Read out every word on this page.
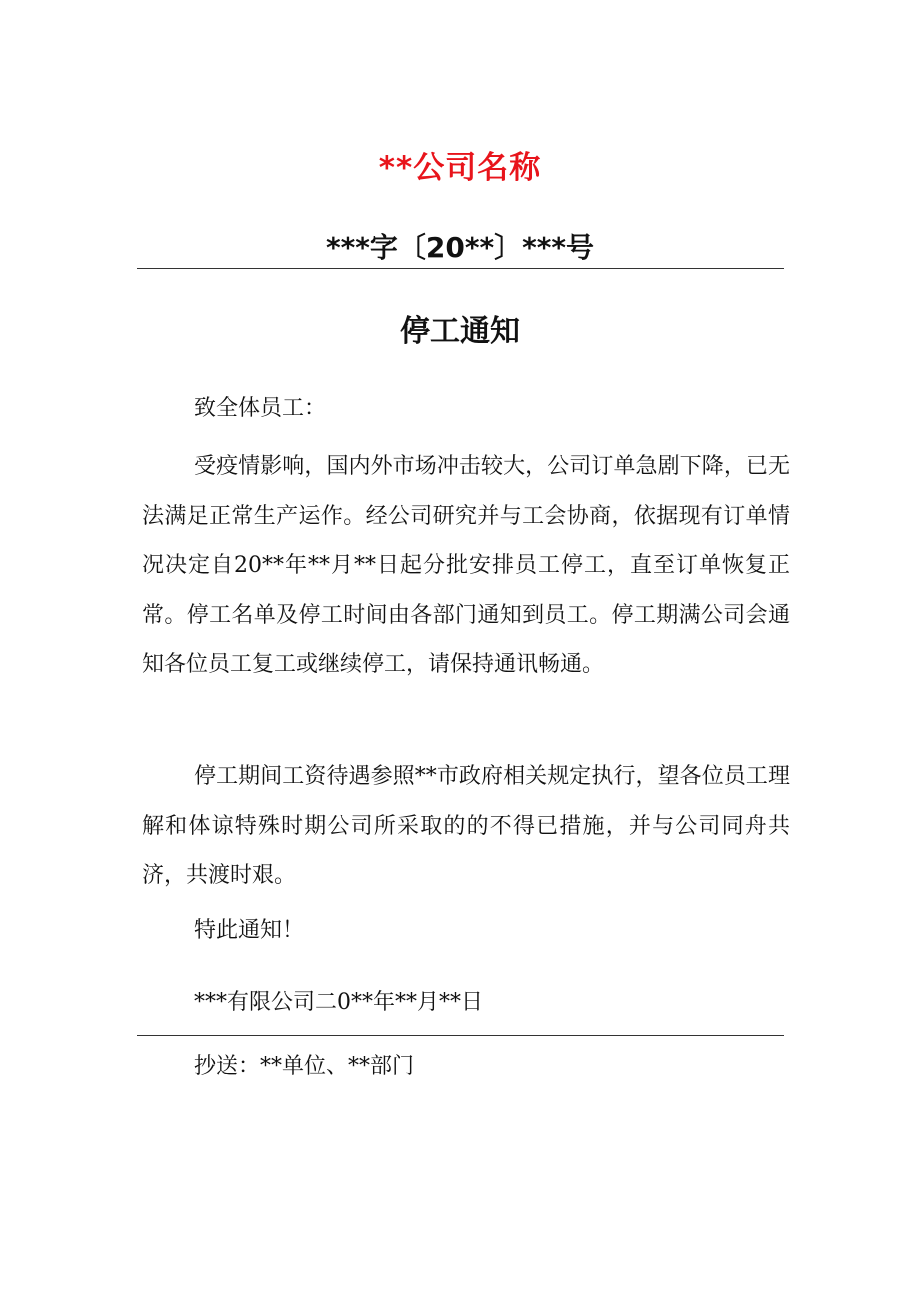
**公司名称
***字〔20**〕***号
停工通知
致全体员工：
受疫情影响，国内外市场冲击较大，公司订单急剧下降，已无法满足正常生产运作。经公司研究并与工会协商，依据现有订单情况决定自20**年**月**日起分批安排员工停工，直至订单恢复正常。停工名单及停工时间由各部门通知到员工。停工期满公司会通知各位员工复工或继续停工，请保持通讯畅通。
停工期间工资待遇参照**市政府相关规定执行，望各位员工理解和体谅特殊时期公司所采取的的不得已措施，并与公司同舟共济，共渡时艰。
特此通知！
***有限公司二0**年**月**日
抄送：**单位、**部门
